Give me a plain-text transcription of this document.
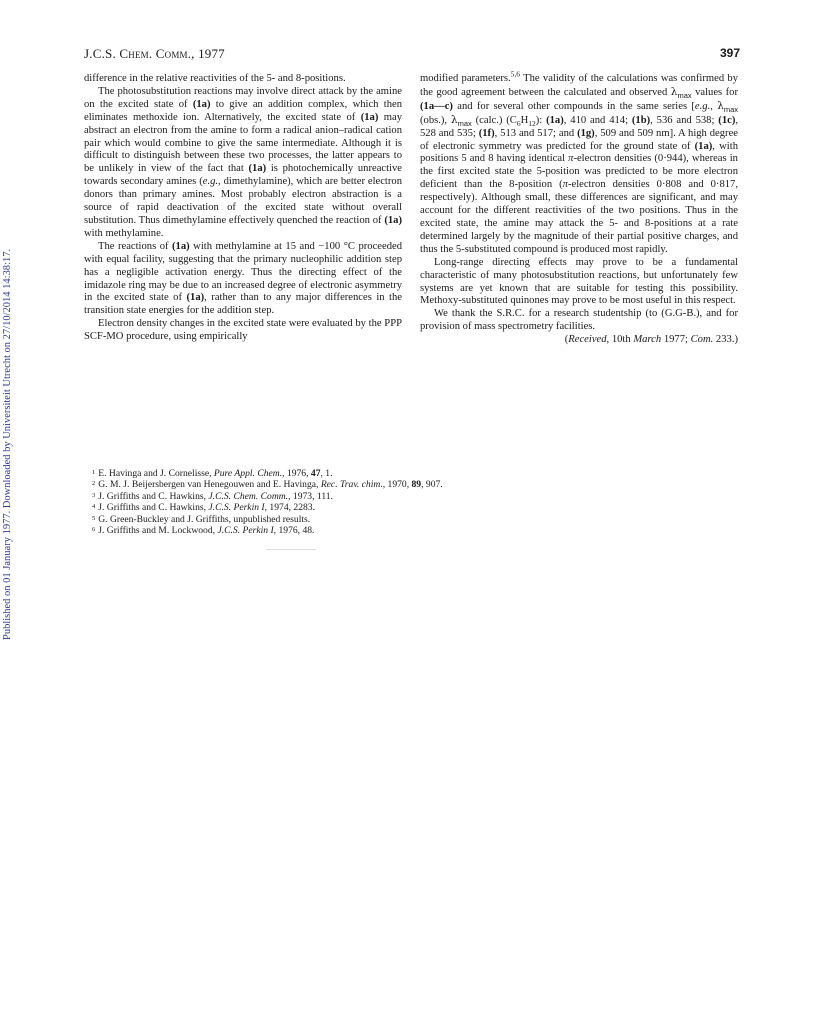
Published on 01 January 1977. Downloaded by Universiteit Utrecht on 27/10/2014 14:38:17.
J.C.S. Chem. Comm., 1977	397

difference in the relative reactivities of the 5- and 8-positions.

The photosubstitution reactions may involve direct attack by the amine on the excited state of (1a) to give an addition complex, which then eliminates methoxide ion. Alternatively, the excited state of (1a) may abstract an electron from the amine to form a radical anion–radical cation pair which would combine to give the same intermediate. Although it is difficult to distinguish between these two processes, the latter appears to be unlikely in view of the fact that (1a) is photochemically unreactive towards secondary amines (e.g., dimethylamine), which are better electron donors than primary amines. Most probably electron abstraction is a source of rapid deactivation of the excited state without overall substitution. Thus dimethylamine effectively quenched the reaction of (1a) with methylamine.

The reactions of (1a) with methylamine at 15 and −100 °C proceeded with equal facility, suggesting that the primary nucleophilic addition step has a negligible activation energy. Thus the directing effect of the imidazole ring may be due to an increased degree of electronic asymmetry in the excited state of (1a), rather than to any major differences in the transition state energies for the addition step.

Electron density changes in the excited state were evaluated by the PPP SCF-MO procedure, using empirically

modified parameters.$^{5,6}$ The validity of the calculations was confirmed by the good agreement between the calculated and observed $\lambda_{max}$ values for (1a—c) and for several other compounds in the same series [e.g., $\lambda_{max}$ (obs.), $\lambda_{max}$ (calc.) $(C_6H_{12})$: (1a), 410 and 414; (1b), 536 and 538; (1c), 528 and 535; (1f), 513 and 517; and (1g), 509 and 509 nm]. A high degree of electronic symmetry was predicted for the ground state of (1a), with positions 5 and 8 having identical π-electron densities (0·944), whereas in the first excited state the 5-position was predicted to be more electron deficient than the 8-position (π-electron densities 0·808 and 0·817, respectively). Although small, these differences are significant, and may account for the different reactivities of the two positions. Thus in the excited state, the amine may attack the 5- and 8-positions at a rate determined largely by the magnitude of their partial positive charges, and thus the 5-substituted compound is produced most rapidly.

Long-range directing effects may prove to be a fundamental characteristic of many photosubstitution reactions, but unfortunately few systems are yet known that are suitable for testing this possibility. Methoxy-substituted quinones may prove to be most useful in this respect.

We thank the S.R.C. for a research studentship (to (G.G-B.), and for provision of mass spectrometry facilities.

(Received, 10th March 1977; Com. 233.)

$^1$ E. Havinga and J. Cornelisse, Pure Appl. Chem., 1976, 47, 1.
$^2$ G. M. J. Beijersbergen van Henegouwen and E. Havinga, Rec. Trav. chim., 1970, 89, 907.
$^3$ J. Griffiths and C. Hawkins, J.C.S. Chem. Comm., 1973, 111.
$^4$ J. Griffiths and C. Hawkins, J.C.S. Perkin I, 1974, 2283.
$^5$ G. Green-Buckley and J. Griffiths, unpublished results.
$^6$ J. Griffiths and M. Lockwood, J.C.S. Perkin I, 1976, 48.
